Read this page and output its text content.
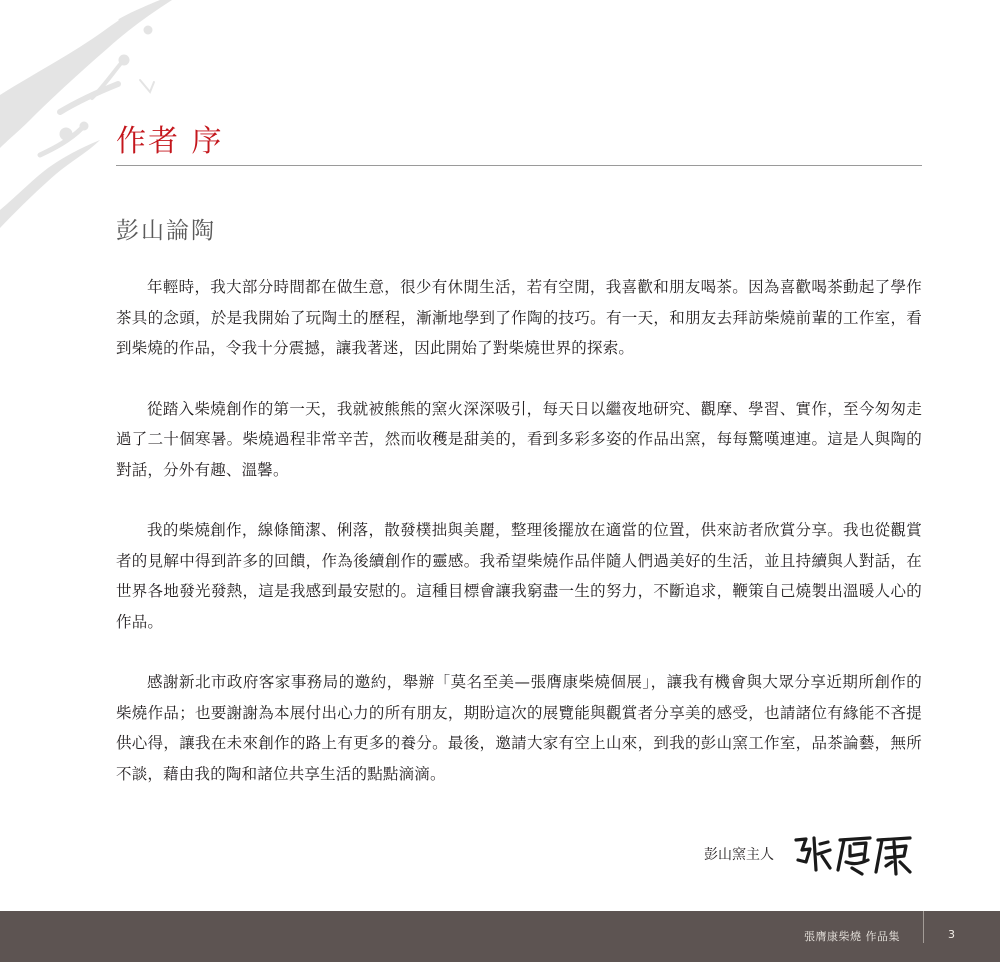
作者 序
彭山論陶

年輕時，我大部分時間都在做生意，很少有休閒生活，若有空閒，我喜歡和朋友喝茶。因為喜歡喝茶動起了學作茶具的念頭，於是我開始了玩陶土的歷程，漸漸地學到了作陶的技巧。有一天，和朋友去拜訪柴燒前輩的工作室，看到柴燒的作品，令我十分震撼，讓我著迷，因此開始了對柴燒世界的探索。

從踏入柴燒創作的第一天，我就被熊熊的窯火深深吸引，每天日以繼夜地研究、觀摩、學習、實作，至今匆匆走過了二十個寒暑。柴燒過程非常辛苦，然而收穫是甜美的，看到多彩多姿的作品出窯，每每驚嘆連連。這是人與陶的對話，分外有趣、溫馨。

我的柴燒創作，線條簡潔、俐落，散發樸拙與美麗，整理後擺放在適當的位置，供來訪者欣賞分享。我也從觀賞者的見解中得到許多的回饋，作為後續創作的靈感。我希望柴燒作品伴隨人們過美好的生活，並且持續與人對話，在世界各地發光發熱，這是我感到最安慰的。這種目標會讓我窮盡一生的努力，不斷追求，鞭策自己燒製出溫暖人心的作品。

感謝新北市政府客家事務局的邀約，舉辦「莫名至美—張膺康柴燒個展」，讓我有機會與大眾分享近期所創作的柴燒作品；也要謝謝為本展付出心力的所有朋友，期盼這次的展覽能與觀賞者分享美的感受，也請諸位有緣能不吝提供心得，讓我在未來創作的路上有更多的養分。最後，邀請大家有空上山來，到我的彭山窯工作室，品茶論藝，無所不談，藉由我的陶和諸位共享生活的點點滴滴。

彭山窯主人
張膺康柴燒 作品集	3
